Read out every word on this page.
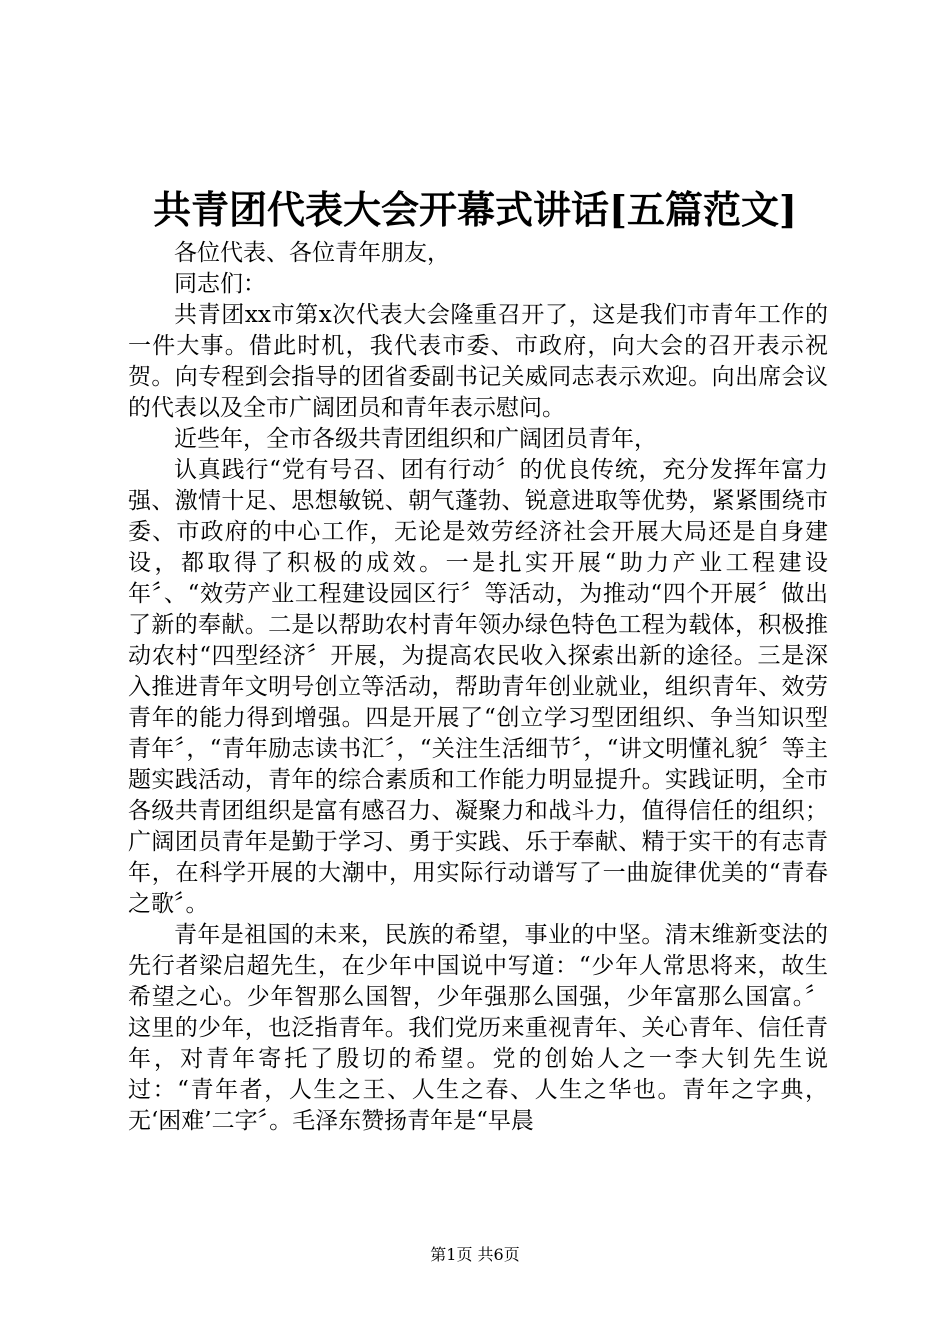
共青团代表大会开幕式讲话[五篇范文]

各位代表、各位青年朋友，

同志们：

共青团xx市第x次代表大会隆重召开了，这是我们市青年工作的一件大事。借此时机，我代表市委、市政府，向大会的召开表示祝贺。向专程到会指导的团省委副书记关威同志表示欢迎。向出席会议的代表以及全市广阔团员和青年表示慰问。

近些年，全市各级共青团组织和广阔团员青年，

认真践行“党有号召、团有行动〞的优良传统，充分发挥年富力强、激情十足、思想敏锐、朝气蓬勃、锐意进取等优势，紧紧围绕市委、市政府的中心工作，无论是效劳经济社会开展大局还是自身建设，都取得了积极的成效。一是扎实开展“助力产业工程建设年〞、“效劳产业工程建设园区行〞等活动，为推动“四个开展〞做出了新的奉献。二是以帮助农村青年领办绿色特色工程为载体，积极推动农村“四型经济〞开展，为提高农民收入探索出新的途径。三是深入推进青年文明号创立等活动，帮助青年创业就业，组织青年、效劳青年的能力得到增强。四是开展了“创立学习型团组织、争当知识型青年〞，“青年励志读书汇〞，“关注生活细节〞，“讲文明懂礼貌〞等主题实践活动，青年的综合素质和工作能力明显提升。实践证明，全市各级共青团组织是富有感召力、凝聚力和战斗力，值得信任的组织；广阔团员青年是勤于学习、勇于实践、乐于奉献、精于实干的有志青年，在科学开展的大潮中，用实际行动谱写了一曲旋律优美的“青春之歌〞。

青年是祖国的未来，民族的希望，事业的中坚。清末维新变法的先行者梁启超先生，在少年中国说中写道：“少年人常思将来，故生希望之心。少年智那么国智，少年强那么国强，少年富那么国富。〞这里的少年，也泛指青年。我们党历来重视青年、关心青年、信任青年，对青年寄托了殷切的希望。党的创始人之一李大钊先生说过：“青年者，人生之王、人生之春、人生之华也。青年之字典，无‘困难’二字〞。毛泽东赞扬青年是“早晨

第1页 共6页
